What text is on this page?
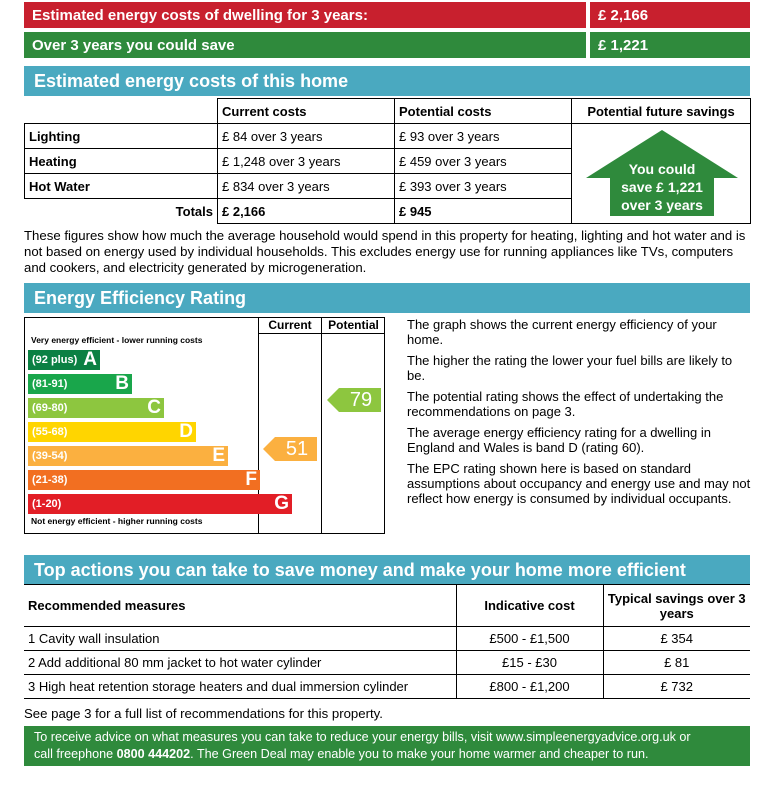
Estimated energy costs of dwelling for 3 years:	£ 2,166
Over 3 years you could save	£ 1,221
Estimated energy costs of this home
	Current costs	Potential costs	Potential future savings
Lighting	£ 84 over 3 years	£ 93 over 3 years	
Heating	£ 1,248 over 3 years	£ 459 over 3 years	
Hot Water	£ 834 over 3 years	£ 393 over 3 years	
Totals	£ 2,166	£ 945	
You could
save £ 1,221
over 3 years
These figures show how much the average household would spend in this property for heating, lighting and hot water and is not based on energy used by individual households. This excludes energy use for running appliances like TVs, computers and cookers, and electricity generated by microgeneration.
Energy Efficiency Rating
Current	Potential
Very energy efficient - lower running costs
Not energy efficient - higher running costs
(92 plus) A
(81-91)	B
(69-80)	C
(55-68)	D
(39-54)	E
(21-38)	F
(1-20)	G
51
79

The graph shows the current energy efficiency of your home.

The higher the rating the lower your fuel bills are likely to be.

The potential rating shows the effect of undertaking the recommendations on page 3.

The average energy efficiency rating for a dwelling in England and Wales is band D (rating 60).

The EPC rating shown here is based on standard assumptions about occupancy and energy use and may not reflect how energy is consumed by individual occupants.

Top actions you can take to save money and make your home more efficient
Recommended measures	Indicative cost	Typical savings over 3 years
1 Cavity wall insulation	£500 - £1,500	£ 354
2 Add additional 80 mm jacket to hot water cylinder	£15 - £30	£ 81
3 High heat retention storage heaters and dual immersion cylinder	£800 - £1,200	£ 732
See page 3 for a full list of recommendations for this property.
To receive advice on what measures you can take to reduce your energy bills, visit www.simpleenergyadvice.org.uk or
call freephone 0800 444202. The Green Deal may enable you to make your home warmer and cheaper to run.
